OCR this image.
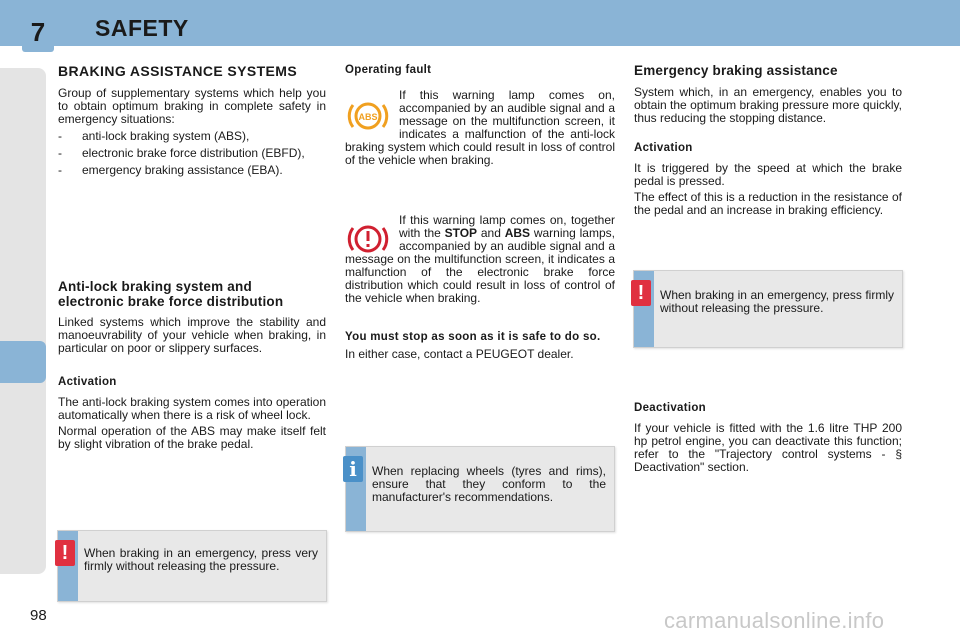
7	SAFETY
BRAKING ASSISTANCE SYSTEMS
Group of supplementary systems which help you to obtain optimum braking in complete safety in emergency situations:
- anti-lock braking system (ABS),
- electronic brake force distribution (EBFD),
- emergency braking assistance (EBA).
Anti-lock braking system and electronic brake force distribution
Linked systems which improve the stability and manoeuvrability of your vehicle when braking, in particular on poor or slippery surfaces.
Activation
The anti-lock braking system comes into operation automatically when there is a risk of wheel lock.
Normal operation of the ABS may make itself felt by slight vibration of the brake pedal.
When braking in an emergency, press very firmly without releasing the pressure.
!
Operating fault
ABS
If this warning lamp comes on, accompanied by an audible signal and a message on the multifunction screen, it indicates a malfunction of the anti-lock braking system which could result in loss of control of the vehicle when braking.
If this warning lamp comes on, together with the STOP and ABS warning lamps, accompanied by an audible signal and a message on the multifunction screen, it indicates a malfunction of the electronic brake force distribution which could result in loss of control of the vehicle when braking.
You must stop as soon as it is safe to do so.
In either case, contact a PEUGEOT dealer.
When replacing wheels (tyres and rims), ensure that they conform to the manufacturer's recommendations.
i
Emergency braking assistance
System which, in an emergency, enables you to obtain the optimum braking pressure more quickly, thus reducing the stopping distance.
Activation
It is triggered by the speed at which the brake pedal is pressed.
The effect of this is a reduction in the resistance of the pedal and an increase in braking efficiency.
When braking in an emergency, press firmly without releasing the pressure.
!
Deactivation
If your vehicle is fitted with the 1.6 litre THP 200 hp petrol engine, you can deactivate this function; refer to the "Trajectory control systems - § Deactivation" section.
98	carmanualsonline.info
